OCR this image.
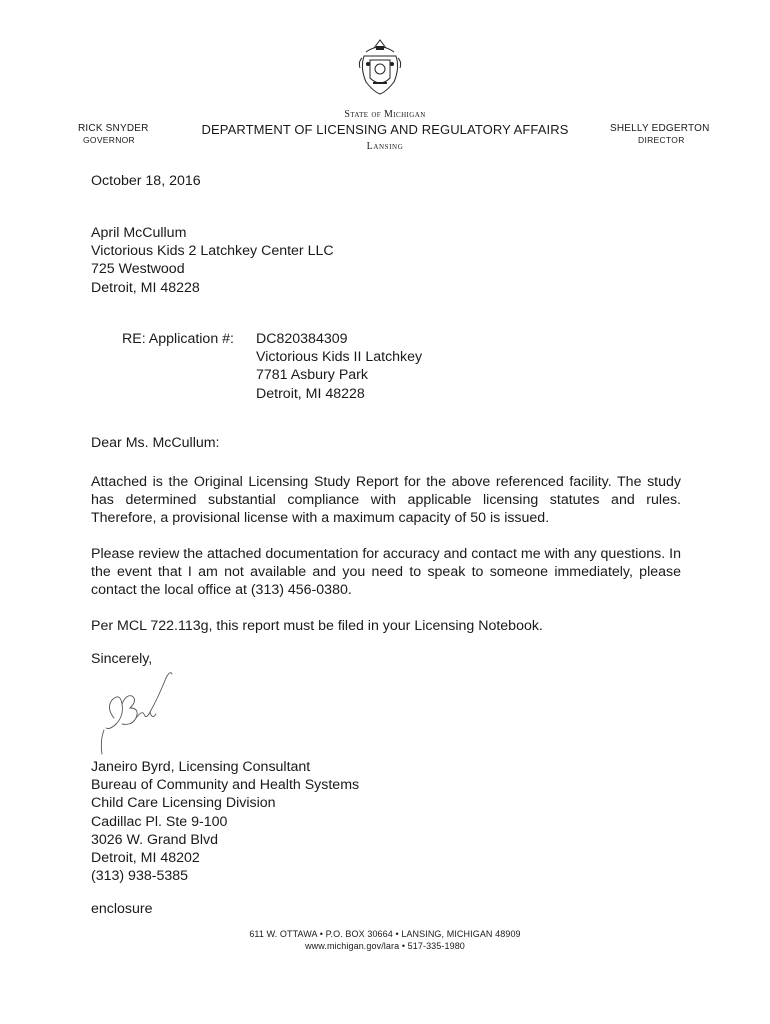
RICK SNYDER
GOVERNOR
State of Michigan
DEPARTMENT OF LICENSING AND REGULATORY AFFAIRS
Lansing
SHELLY EDGERTON
DIRECTOR
October 18, 2016
April McCullum
Victorious Kids 2 Latchkey Center LLC
725 Westwood
Detroit, MI 48228
RE: Application #: DC820384309
Victorious Kids II Latchkey
7781 Asbury Park
Detroit, MI 48228
Dear Ms. McCullum:
Attached is the Original Licensing Study Report for the above referenced facility. The study has determined substantial compliance with applicable licensing statutes and rules. Therefore, a provisional license with a maximum capacity of 50 is issued.
Please review the attached documentation for accuracy and contact me with any questions. In the event that I am not available and you need to speak to someone immediately, please contact the local office at (313) 456-0380.
Per MCL 722.113g, this report must be filed in your Licensing Notebook.
Sincerely,
Janeiro Byrd, Licensing Consultant
Bureau of Community and Health Systems
Child Care Licensing Division
Cadillac Pl. Ste 9-100
3026 W. Grand Blvd
Detroit, MI 48202
(313) 938-5385
enclosure
611 W. OTTAWA • P.O. BOX 30664 • LANSING, MICHIGAN 48909
www.michigan.gov/lara • 517-335-1980
